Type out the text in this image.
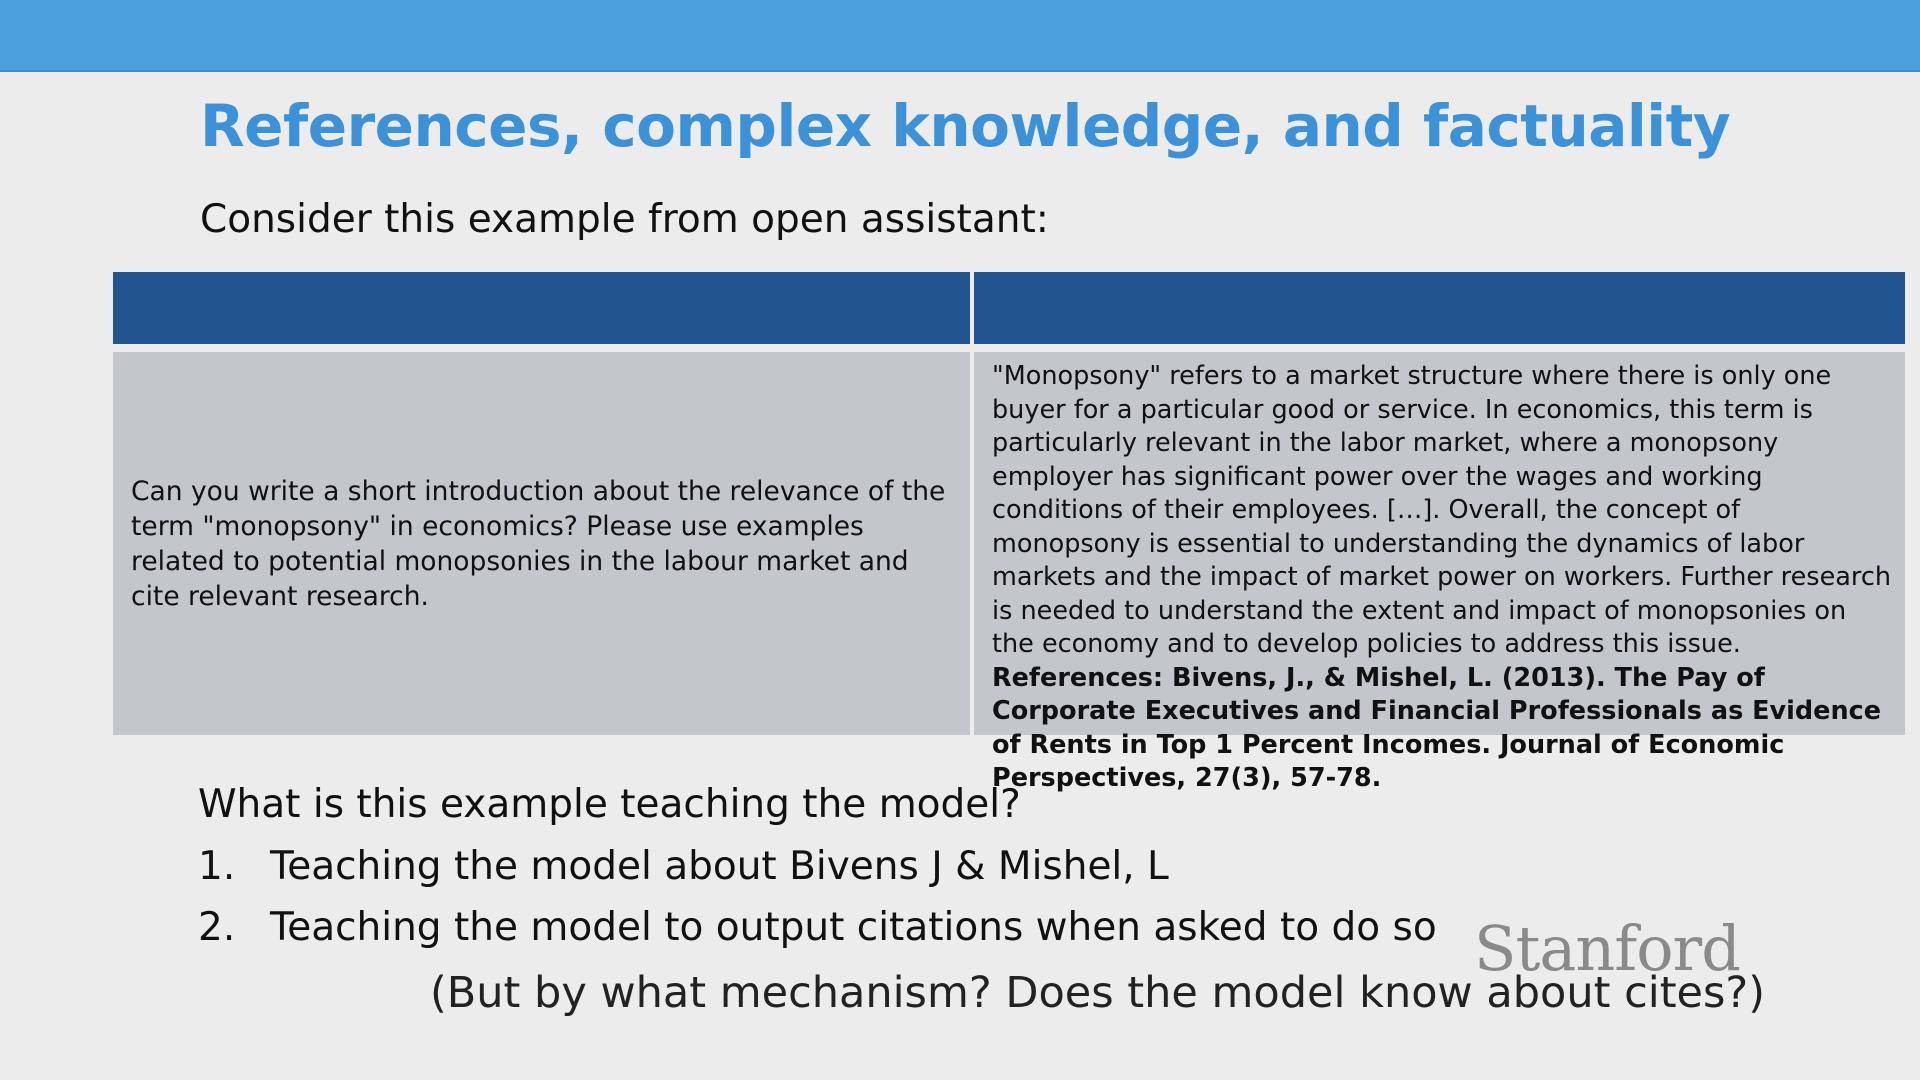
References, complex knowledge, and factuality
Consider this example from open assistant:
Can you write a short introduction about the relevance of the term "monopsony" in economics? Please use examples related to potential monopsonies in the labour market and cite relevant research.
"Monopsony" refers to a market structure where there is only one buyer for a particular good or service. In economics, this term is particularly relevant in the labor market, where a monopsony employer has significant power over the wages and working conditions of their employees. […]. Overall, the concept of monopsony is essential to understanding the dynamics of labor markets and the impact of market power on workers. Further research is needed to understand the extent and impact of monopsonies on the economy and to develop policies to address this issue. References: Bivens, J., & Mishel, L. (2013). The Pay of Corporate Executives and Financial Professionals as Evidence of Rents in Top 1 Percent Incomes. Journal of Economic Perspectives, 27(3), 57-78.
What is this example teaching the model?
1. Teaching the model about Bivens J & Mishel, L
2. Teaching the model to output citations when asked to do so
(But by what mechanism? Does the model know about cites?)
Stanford
